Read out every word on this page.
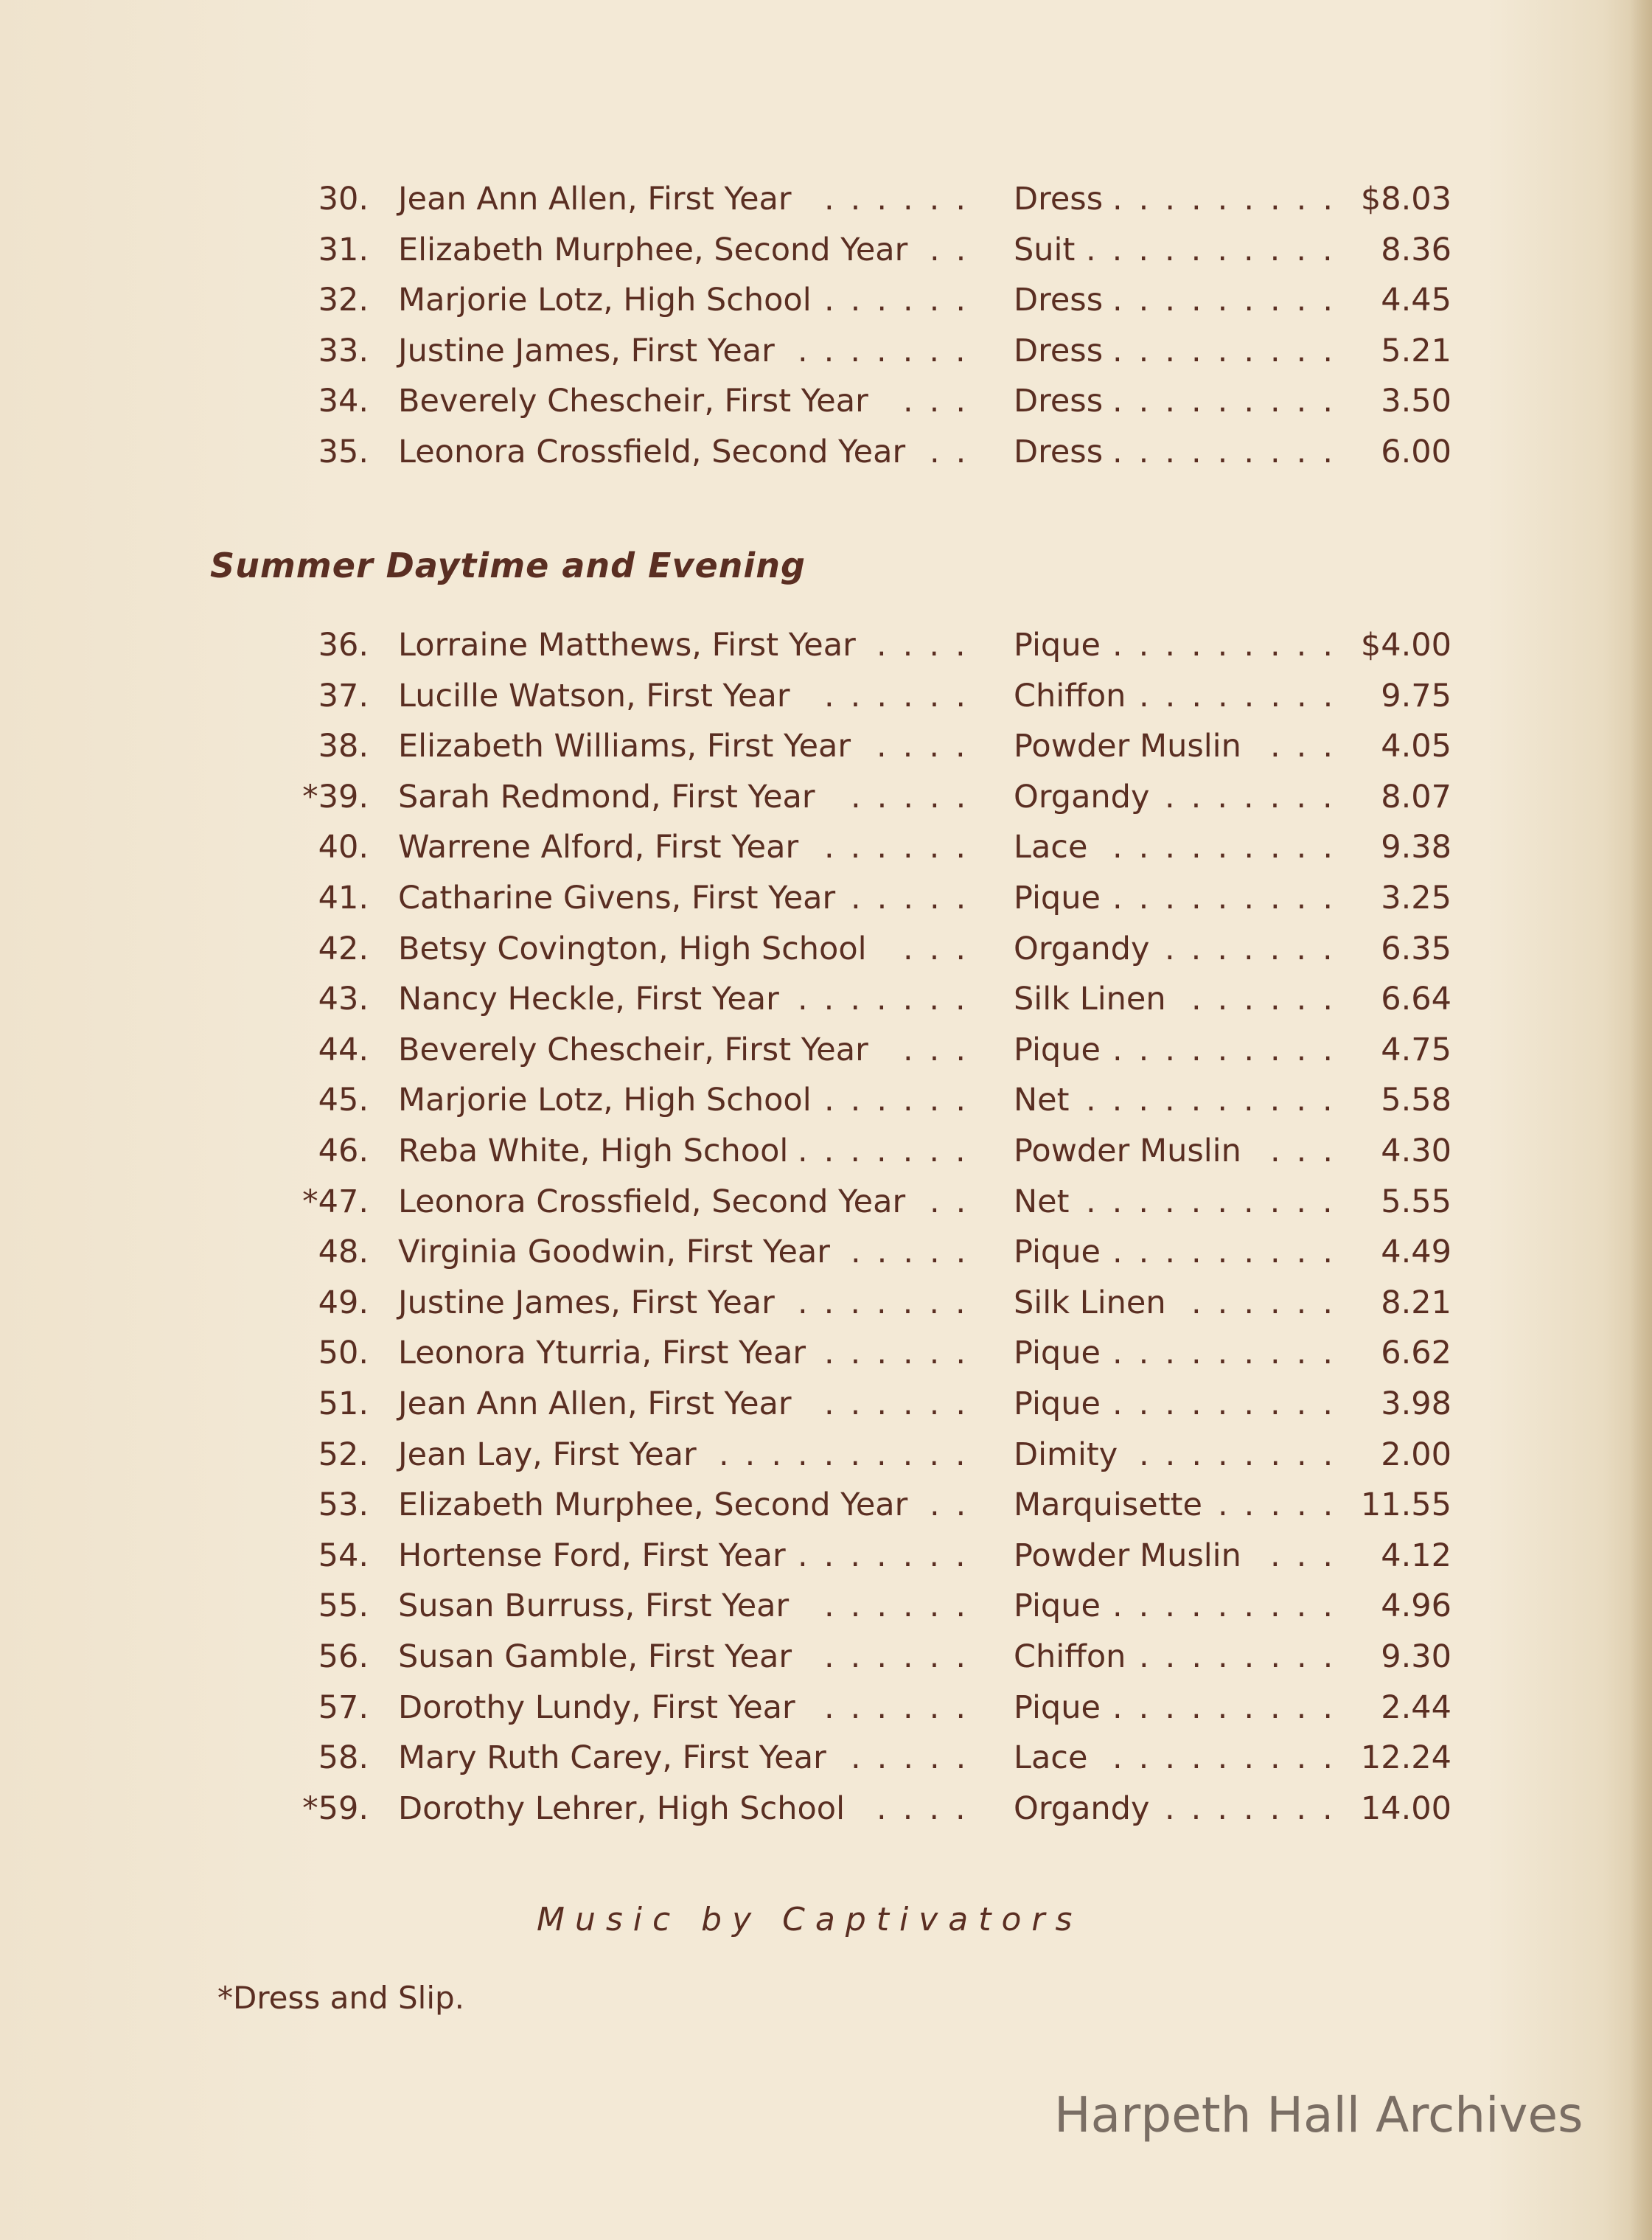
30. Jean Ann Allen, First Year ...... Dress ......... $8.03
31. Elizabeth Murphee, Second Year .. Suit .......... 8.36
32. Marjorie Lotz, High School ...... Dress ......... 4.45
33. Justine James, First Year ....... Dress ......... 5.21
34. Beverely Chescheir, First Year ... Dress ......... 3.50
35. Leonora Crossfield, Second Year .. Dress ......... 6.00
Summer Daytime and Evening
36. Lorraine Matthews, First Year .... Pique ......... $4.00
37. Lucille Watson, First Year ...... Chiffon ........ 9.75
38. Elizabeth Williams, First Year .... Powder Muslin ... 4.05
*39. Sarah Redmond, First Year ..... Organdy ....... 8.07
40. Warrene Alford, First Year ...... Lace ......... 9.38
41. Catharine Givens, First Year ..... Pique ......... 3.25
42. Betsy Covington, High School ... Organdy ....... 6.35
43. Nancy Heckle, First Year ....... Silk Linen ...... 6.64
44. Beverely Chescheir, First Year ... Pique ......... 4.75
45. Marjorie Lotz, High School ...... Net .......... 5.58
46. Reba White, High School ....... Powder Muslin ... 4.30
*47. Leonora Crossfield, Second Year .. Net .......... 5.55
48. Virginia Goodwin, First Year ..... Pique ......... 4.49
49. Justine James, First Year ....... Silk Linen ...... 8.21
50. Leonora Yturria, First Year ...... Pique ......... 6.62
51. Jean Ann Allen, First Year ...... Pique ......... 3.98
52. Jean Lay, First Year .......... Dimity ........ 2.00
53. Elizabeth Murphee, Second Year .. Marquisette ..... 11.55
54. Hortense Ford, First Year ....... Powder Muslin ... 4.12
55. Susan Burruss, First Year ...... Pique ......... 4.96
56. Susan Gamble, First Year ...... Chiffon ........ 9.30
57. Dorothy Lundy, First Year ...... Pique ......... 2.44
58. Mary Ruth Carey, First Year ..... Lace ......... 12.24
*59. Dorothy Lehrer, High School .... Organdy ....... 14.00
Music by Captivators
*Dress and Slip.
Harpeth Hall Archives
